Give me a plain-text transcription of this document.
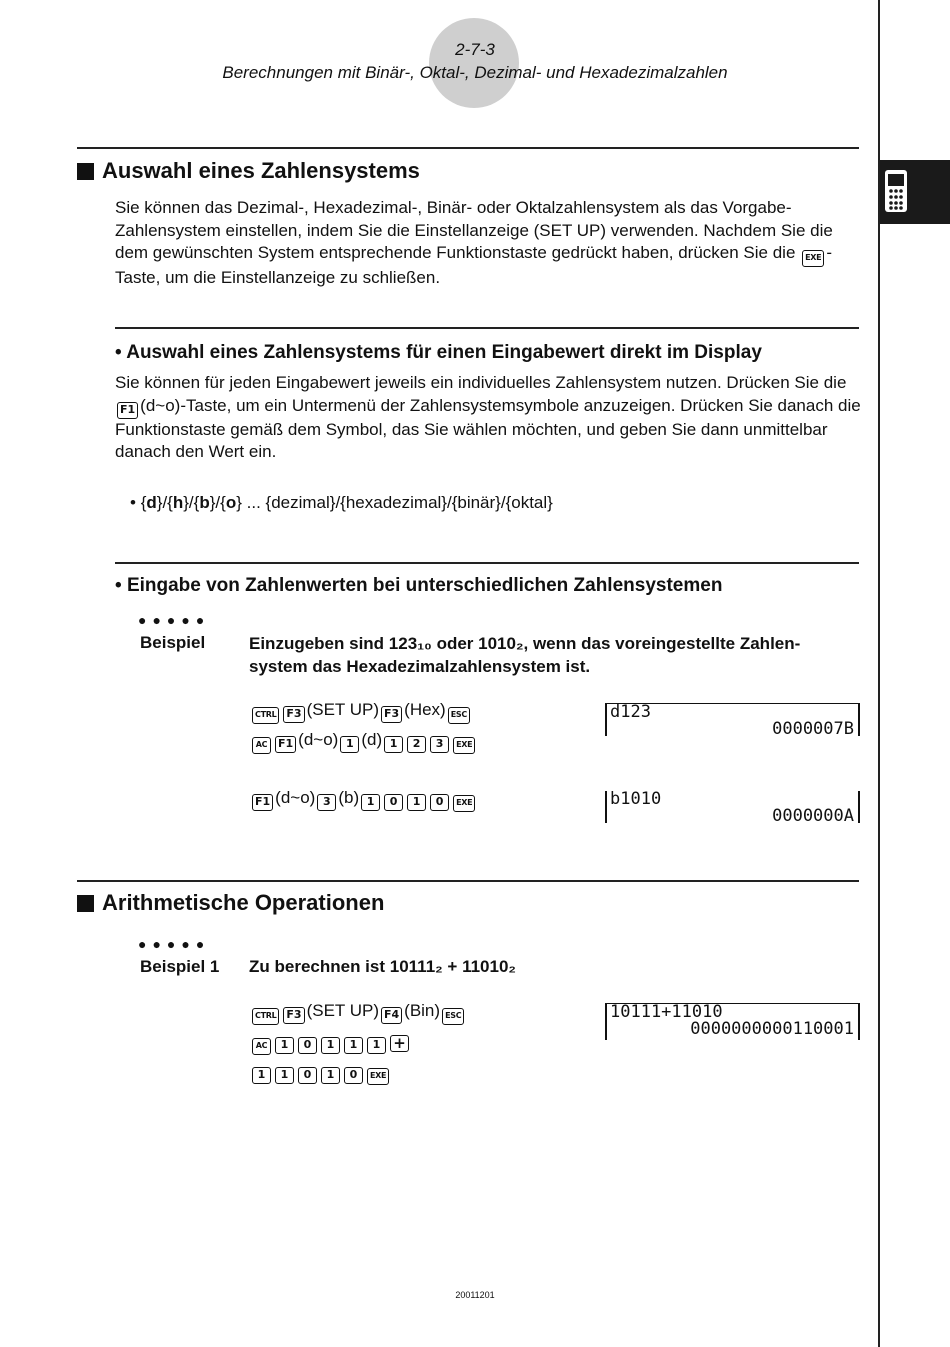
2-7-3
Berechnungen mit Binär-, Oktal-, Dezimal- und Hexadezimalzahlen
Auswahl eines Zahlensystems
Sie können das Dezimal-, Hexadezimal-, Binär- oder Oktalzahlensystem als das Vorgabe-Zahlensystem einstellen, indem Sie die Einstellanzeige (SET UP) verwenden. Nachdem Sie die dem gewünschten System entsprechende Funktionstaste gedrückt haben, drücken Sie die EXE -Taste, um die Einstellanzeige zu schließen.
• Auswahl eines Zahlensystems für einen Eingabewert direkt im Display
Sie können für jeden Eingabewert jeweils ein individuelles Zahlensystem nutzen. Drücken Sie die F1 (d~o)-Taste, um ein Untermenü der Zahlensystemsymbole anzuzeigen. Drücken Sie danach die Funktionstaste gemäß dem Symbol, das Sie wählen möchten, und geben Sie dann unmittelbar danach den Wert ein.
• {d}/{h}/{b}/{o} ... {dezimal}/{hexadezimal}/{binär}/{oktal}
• Eingabe von Zahlenwerten bei unterschiedlichen Zahlensystemen
●●●●●
Beispiel	Einzugeben sind 123₁₀ oder 1010₂, wenn das voreingestellte Zahlen-system das Hexadezimalzahlensystem ist.
CTRL F3 (SET UP) F3 (Hex) ESC
AC F1 (d~o) 1 (d) 1 2 3 EXE
d123
0000007B
F1 (d~o) 3 (b) 1 0 1 0 EXE	b1010
0000000A
Arithmetische Operationen
●●●●●
Beispiel 1 Zu berechnen ist 10111₂ + 11010₂
CTRL F3 (SET UP) F4 (Bin) ESC
AC 1 0 1 1 1 +
1 1 0 1 0 EXE
10111+11010
0000000000110001
20011201
